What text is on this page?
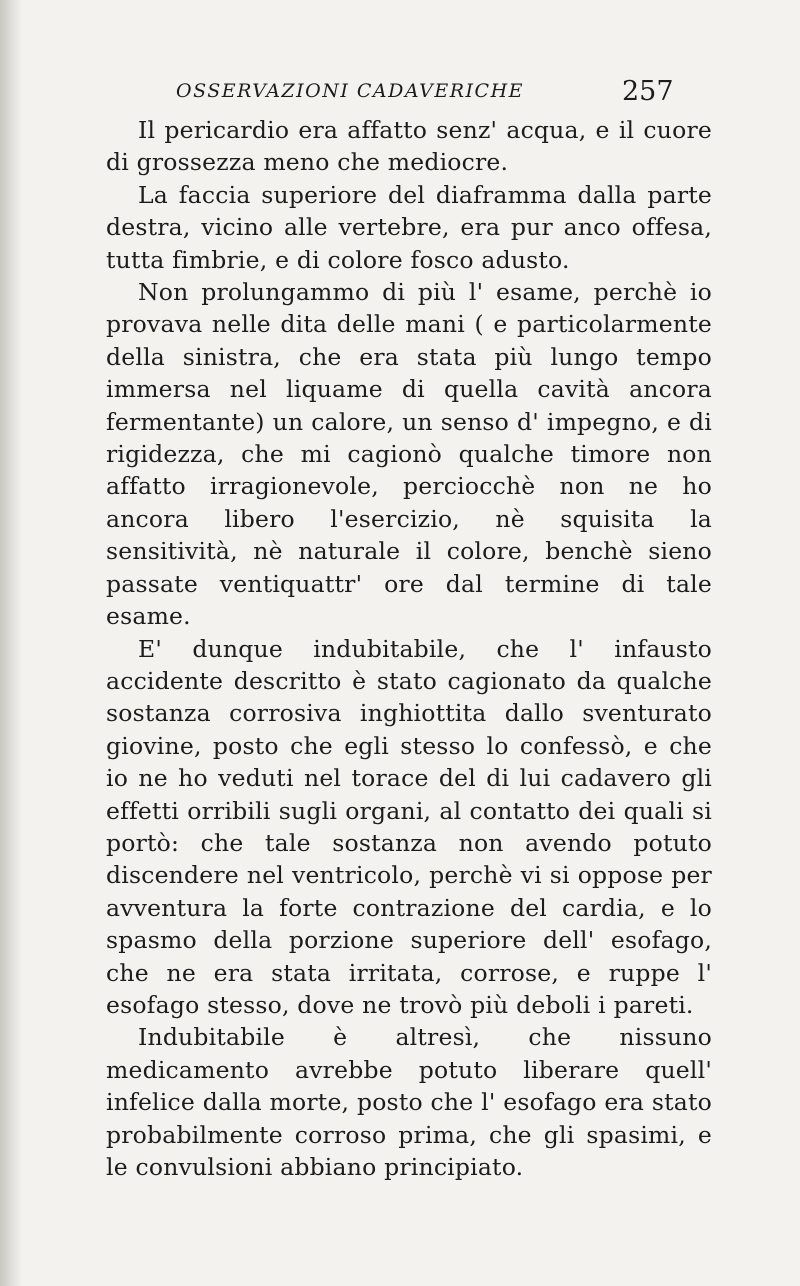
OSSERVAZIONI CADAVERICHE	257

Il pericardio era affatto senz' acqua, e il cuore di grossezza meno che mediocre.

La faccia superiore del diaframma dalla parte destra, vicino alle vertebre, era pur anco offesa, tutta fimbrie, e di colore fosco adusto.

Non prolungammo di più l' esame, perchè io provava nelle dita delle mani ( e particolarmente della sinistra, che era stata più lungo tempo immersa nel liquame di quella cavità ancora fermentante) un calore, un senso d' impegno, e di rigidezza, che mi cagionò qualche timore non affatto irragionevole, perciocchè non ne ho ancora libero l'esercizio, nè squisita la sensitività, nè naturale il colore, benchè sieno passate ventiquattr' ore dal termine di tale esame.

E' dunque indubitabile, che l' infausto accidente descritto è stato cagionato da qualche sostanza corrosiva inghiottita dallo sventurato giovine, posto che egli stesso lo confessò, e che io ne ho veduti nel torace del di lui cadavero gli effetti orribili sugli organi, al contatto dei quali si portò: che tale sostanza non avendo potuto discendere nel ventricolo, perchè vi si oppose per avventura la forte contrazione del cardia, e lo spasmo della porzione superiore dell' esofago, che ne era stata irritata, corrose, e ruppe l' esofago stesso, dove ne trovò più deboli i pareti.

Indubitabile è altresì, che nissuno medicamento avrebbe potuto liberare quell' infelice dalla morte, posto che l' esofago era stato probabilmente corroso prima, che gli spasimi, e le convulsioni abbiano principiato.
